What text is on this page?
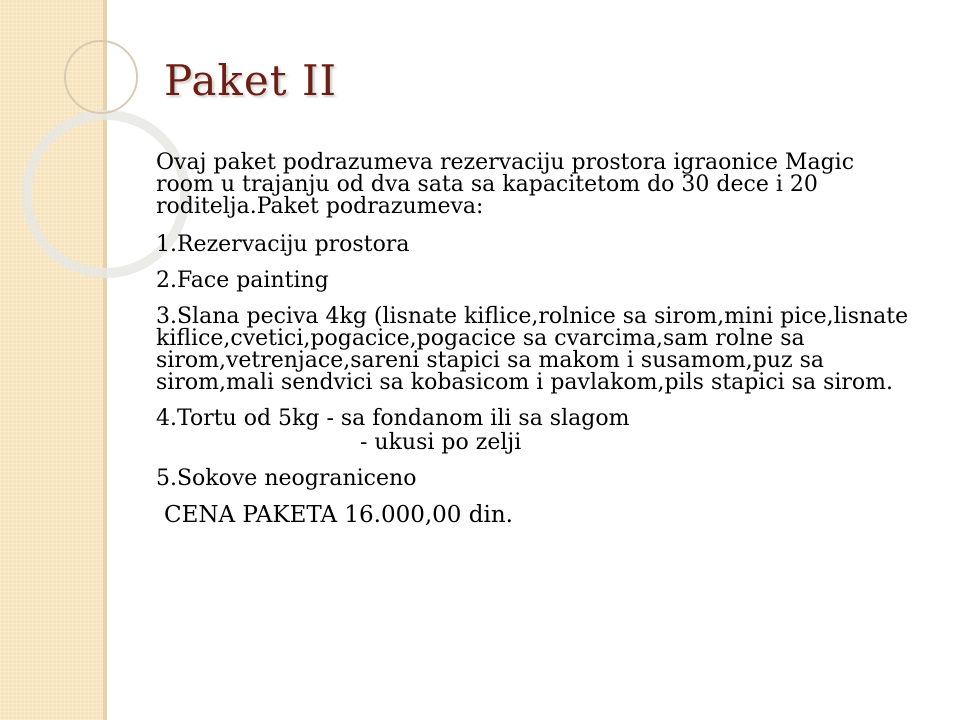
Paket II

Ovaj paket podrazumeva rezervaciju prostora igraonice Magic room u trajanju od dva sata sa kapacitetom do 30 dece i 20 roditelja.Paket podrazumeva:

1.Rezervaciju prostora

2.Face painting

3.Slana peciva 4kg (lisnate kiflice,rolnice sa sirom,mini pice,lisnate kiflice,cvetici,pogacice,pogacice sa cvarcima,sam rolne sa sirom,vetrenjace,sareni stapici sa makom i susamom,puz sa sirom,mali sendvici sa kobasicom i pavlakom,pils stapici sa sirom.

4.Tortu od 5kg - sa fondanom ili sa slagom

- ukusi po zelji

5.Sokove neograniceno

CENA PAKETA 16.000,00 din.
